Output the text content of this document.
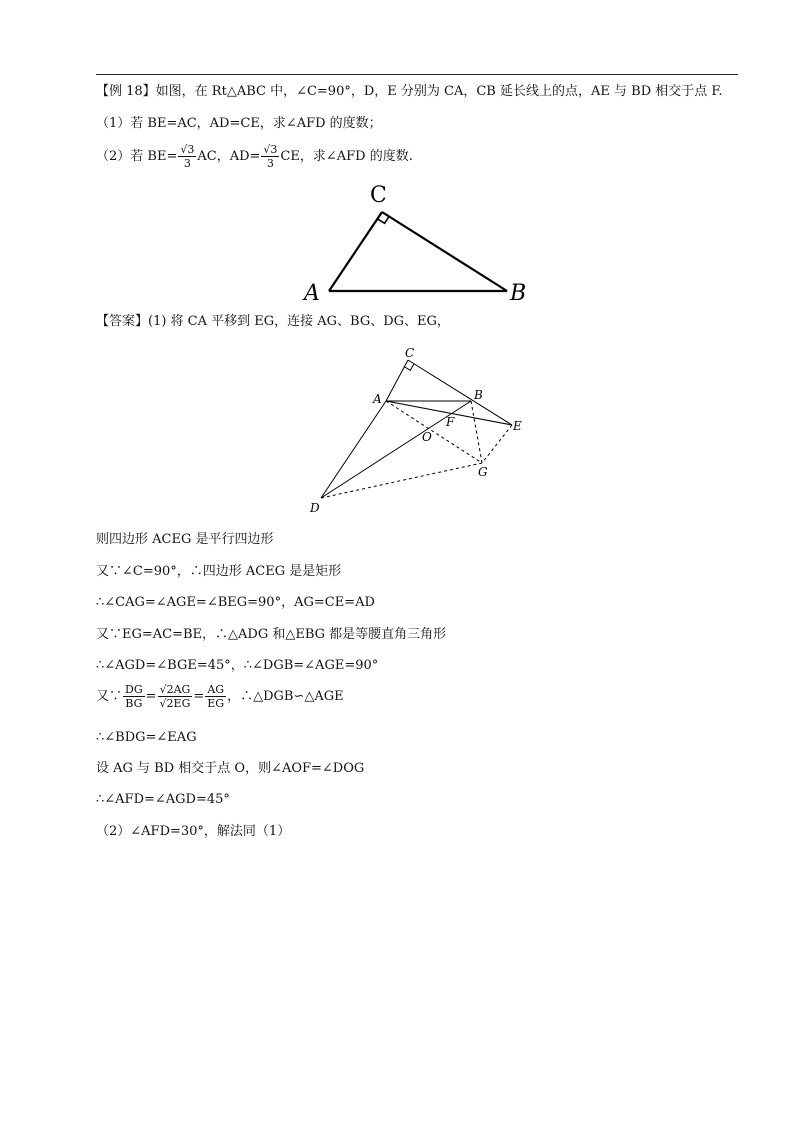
【例 18】如图，在 Rt△ABC 中，∠C=90°，D，E 分别为 CA，CB 延长线上的点，AE 与 BD 相交于点 F.
（1）若 BE=AC，AD=CE，求∠AFD 的度数；
（2）若 $BE= \frac{√3}{3}$ AC，$AD= \frac{√3}{3}$ CE，求∠AFD 的度数.
C
A	B
【答案】(1) 将 CA 平移到 EG，连接 AG、BG、DG、EG，
C
A	B
E
F
O
G
D
则四边形 ACEG 是平行四边形
又∵∠C=90°，∴四边形 ACEG 是是矩形
∴∠CAG=∠AGE=∠BEG=90°，AG=CE=AD
又∵EG=AC=BE，∴△ADG 和△EBG 都是等腰直角三角形
∴∠AGD=∠BGE=45°，∴∠DGB=∠AGE=90°
又∵ $\frac{DG}{BG} = \frac{√2AG}{√2EG} = \frac{AG}{EG}$ ，∴△DGB∽△AGE
∴∠BDG=∠EAG
设 AG 与 BD 相交于点 O，则∠AOF=∠DOG
∴∠AFD=∠AGD=45°
（2）∠AFD=30°，解法同（1）
